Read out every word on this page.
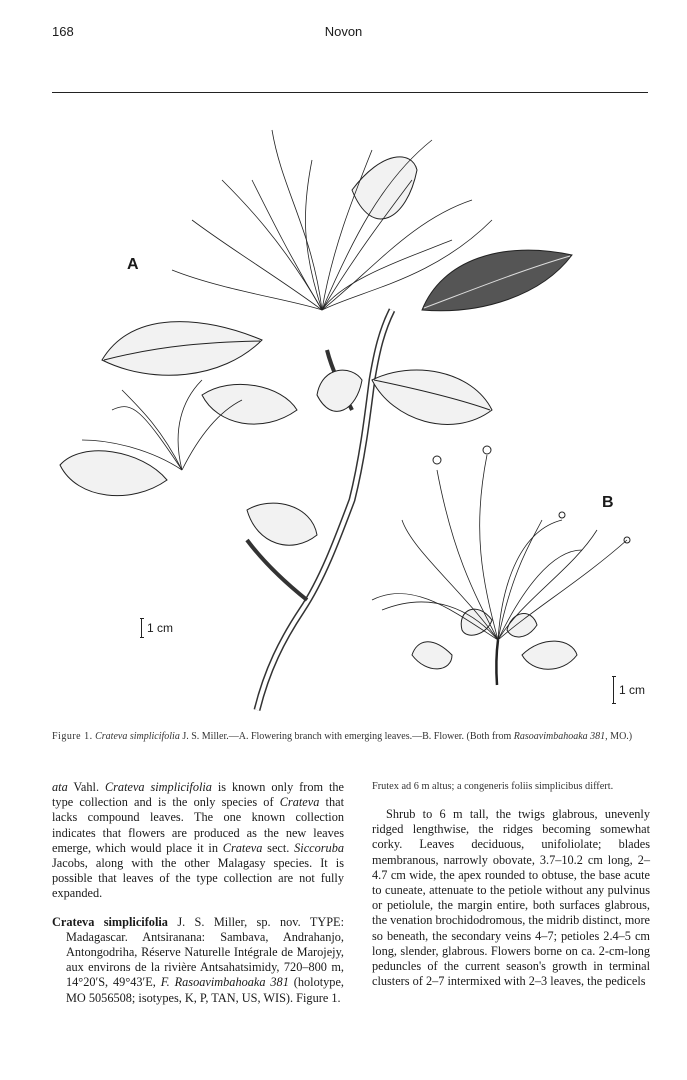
168	Novon
A
B
1 cm
1 cm
Figure 1. Crateva simplicifolia J. S. Miller.—A. Flowering branch with emerging leaves.—B. Flower. (Both from Rasoavimbahoaka 381, MO.)

ata Vahl. Crateva simplicifolia is known only from the type collection and is the only species of Crateva that lacks compound leaves. The one known collection indicates that flowers are produced as the new leaves emerge, which would place it in Crateva sect. Siccoruba Jacobs, along with the other Malagasy species. It is possible that leaves of the type collection are not fully expanded.

Crateva simplicifolia J. S. Miller, sp. nov. TYPE: Madagascar. Antsiranana: Sambava, Andrahanjo, Antongodriha, Réserve Naturelle Intégrale de Marojejy, aux environs de la rivière Antsahatsimidy, 720–800 m, 14°20′S, 49°43′E, F. Rasoavimbahoaka 381 (holotype, MO 5056508; isotypes, K, P, TAN, US, WIS). Figure 1.

Frutex ad 6 m altus; a congeneris foliis simplicibus differt.

Shrub to 6 m tall, the twigs glabrous, unevenly ridged lengthwise, the ridges becoming somewhat corky. Leaves deciduous, unifoliolate; blades membranous, narrowly obovate, 3.7–10.2 cm long, 2–4.7 cm wide, the apex rounded to obtuse, the base acute to cuneate, attenuate to the petiole without any pulvinus or petiolule, the margin entire, both surfaces glabrous, the venation brochidodromous, the midrib distinct, more so beneath, the secondary veins 4–7; petioles 2.4–5 cm long, slender, glabrous. Flowers borne on ca. 2-cm-long peduncles of the current season's growth in terminal clusters of 2–7 intermixed with 2–3 leaves, the pedicels
